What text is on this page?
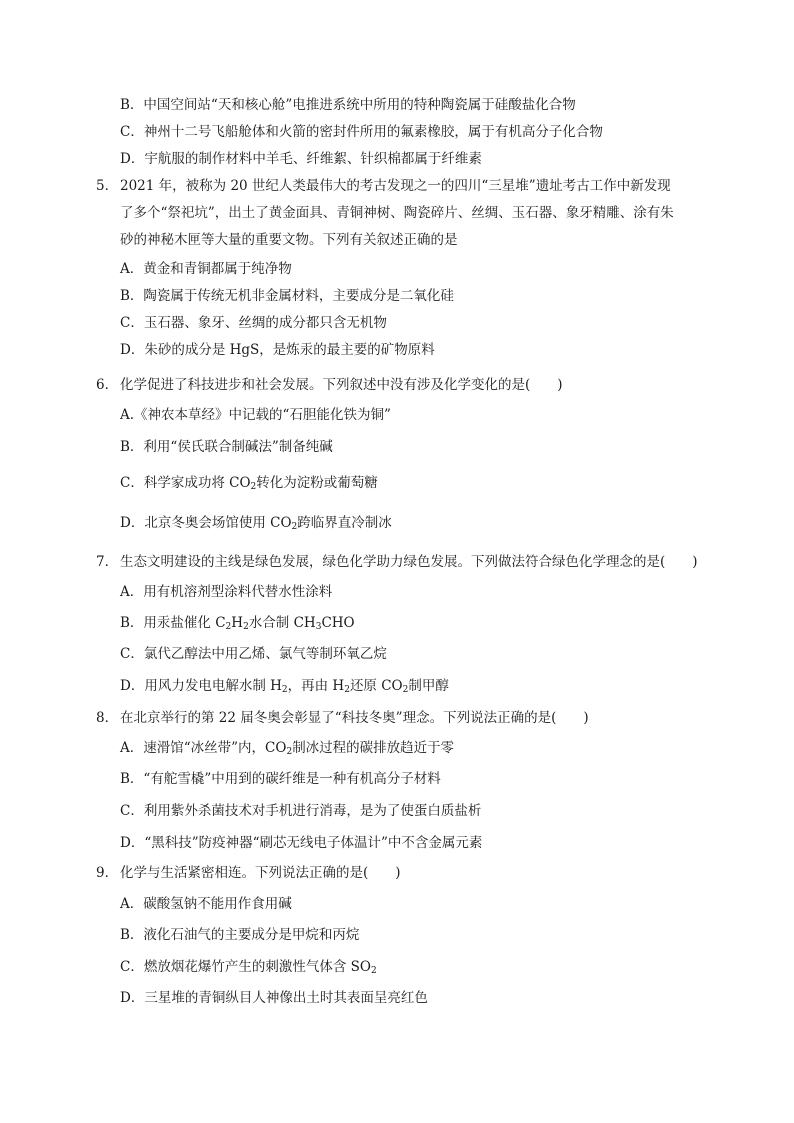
B．中国空间站“天和核心舱”电推进系统中所用的特种陶瓷属于硅酸盐化合物
C．神州十二号飞船舱体和火箭的密封件所用的氟素橡胶，属于有机高分子化合物
D．宇航服的制作材料中羊毛、纤维絮、针织棉都属于纤维素
5． 2021 年，被称为 20 世纪人类最伟大的考古发现之一的四川“三星堆”遗址考古工作中新发现
了多个“祭祀坑”，出土了黄金面具、青铜神树、陶瓷碎片、丝绸、玉石器、象牙精雕、涂有朱
砂的神秘木匣等大量的重要文物。下列有关叙述正确的是
A．黄金和青铜都属于纯净物
B．陶瓷属于传统无机非金属材料，主要成分是二氧化硅
C．玉石器、象牙、丝绸的成分都只含无机物
D．朱砂的成分是 HgS，是炼汞的最主要的矿物原料
6． 化学促进了科技进步和社会发展。下列叙述中没有涉及化学变化的是(　　)
A.《神农本草经》中记载的“石胆能化铁为铜”
B．利用“侯氏联合制碱法”制备纯碱
C．科学家成功将 $CO_2$转化为淀粉或葡萄糖
D．北京冬奥会场馆使用 $CO_2$跨临界直冷制冰
7． 生态文明建设的主线是绿色发展，绿色化学助力绿色发展。下列做法符合绿色化学理念的是(　　)
A．用有机溶剂型涂料代替水性涂料
B．用汞盐催化 $C_2H_2$水合制 $CH_3CHO$
C．氯代乙醇法中用乙烯、氯气等制环氧乙烷
D．用风力发电电解水制 $H_2$，再由 $H_2$还原 $CO_2$制甲醇
8． 在北京举行的第 22 届冬奥会彰显了“科技冬奥”理念。下列说法正确的是(　　)
A．速滑馆“冰丝带”内，$CO_2$制冰过程的碳排放趋近于零
B．“有舵雪橇”中用到的碳纤维是一种有机高分子材料
C．利用紫外杀菌技术对手机进行消毒，是为了使蛋白质盐析
D．“黑科技”防疫神器“刷芯无线电子体温计”中不含金属元素
9． 化学与生活紧密相连。下列说法正确的是(　　)
A．碳酸氢钠不能用作食用碱
B．液化石油气的主要成分是甲烷和丙烷
C．燃放烟花爆竹产生的刺激性气体含 $SO_2$
D．三星堆的青铜纵目人神像出土时其表面呈亮红色
